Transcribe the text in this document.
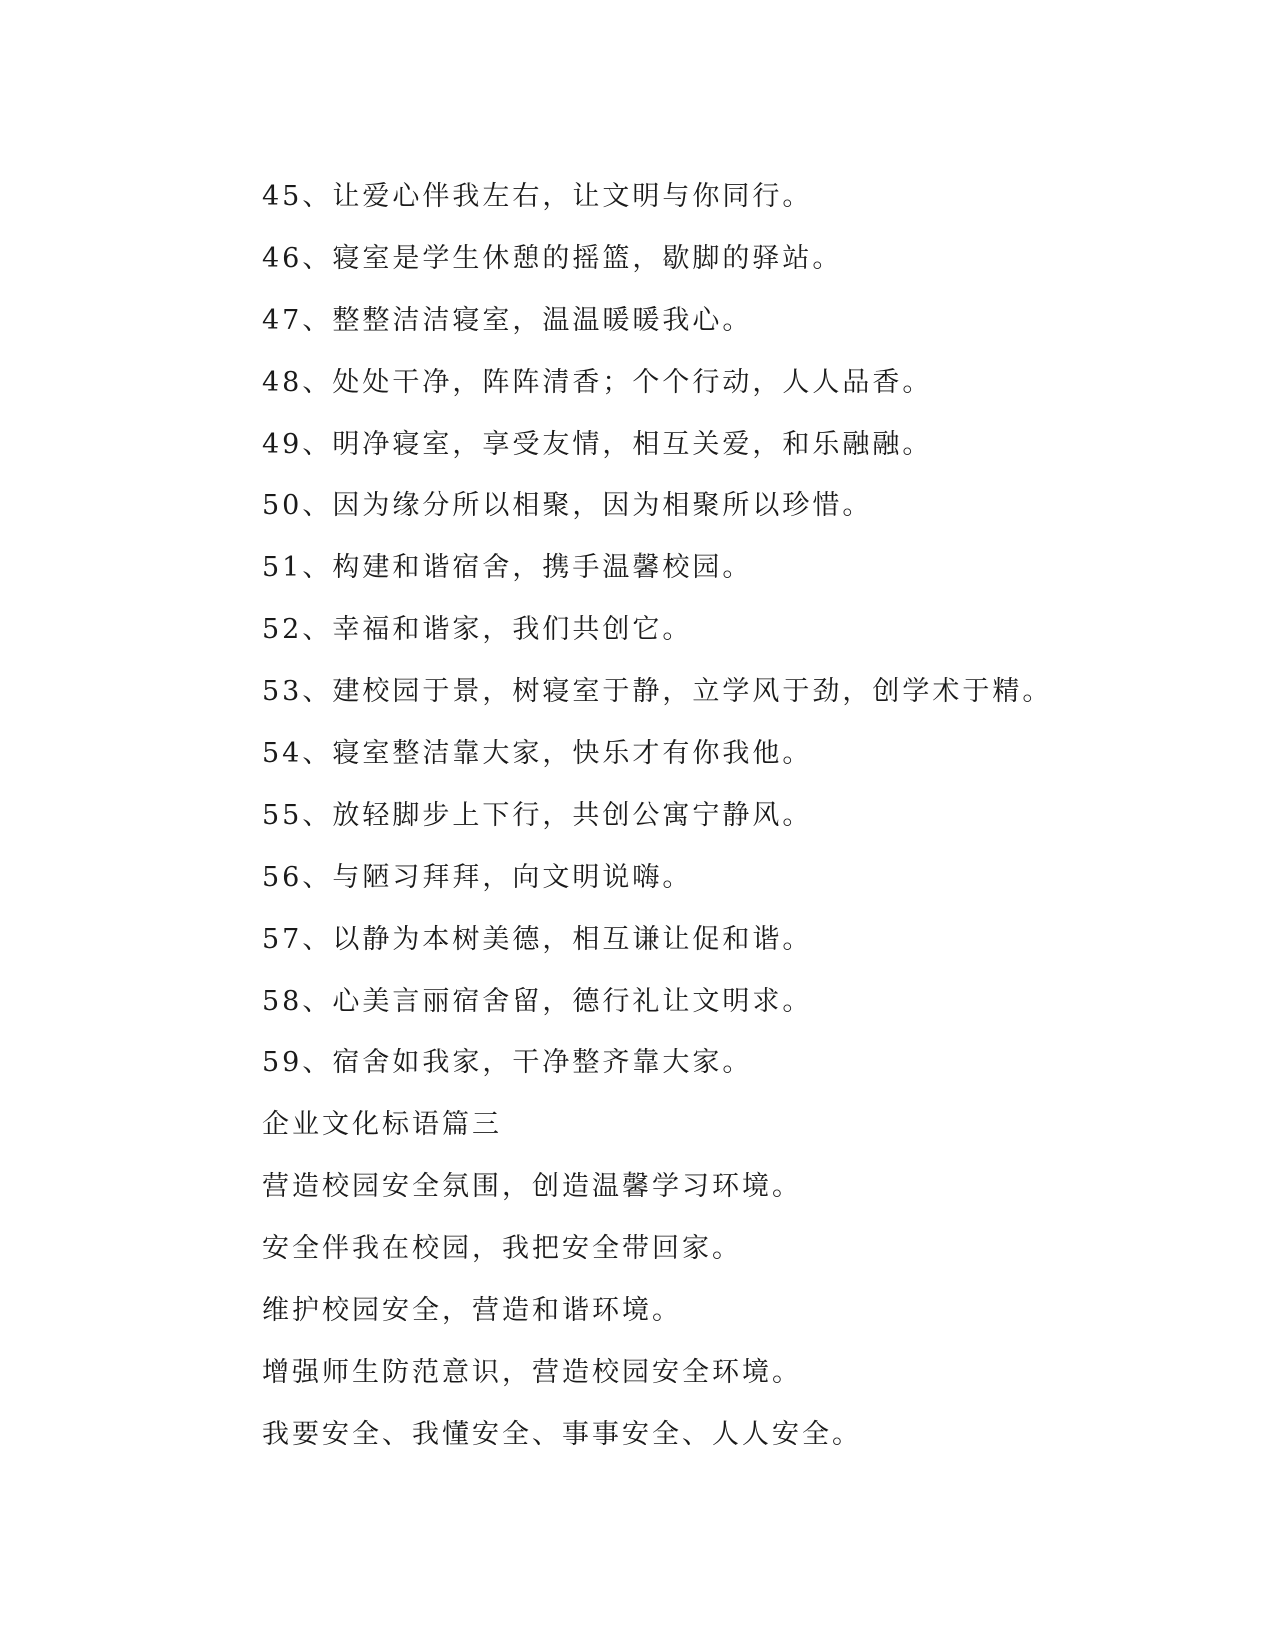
45、让爱心伴我左右，让文明与你同行。
46、寝室是学生休憩的摇篮，歇脚的驿站。
47、整整洁洁寝室，温温暖暖我心。
48、处处干净，阵阵清香；个个行动，人人品香。
49、明净寝室，享受友情，相互关爱，和乐融融。
50、因为缘分所以相聚，因为相聚所以珍惜。
51、构建和谐宿舍，携手温馨校园。
52、幸福和谐家，我们共创它。
53、建校园于景，树寝室于静，立学风于劲，创学术于精。
54、寝室整洁靠大家，快乐才有你我他。
55、放轻脚步上下行，共创公寓宁静风。
56、与陋习拜拜，向文明说嗨。
57、以静为本树美德，相互谦让促和谐。
58、心美言丽宿舍留，德行礼让文明求。
59、宿舍如我家，干净整齐靠大家。
企业文化标语篇三
营造校园安全氛围，创造温馨学习环境。
安全伴我在校园，我把安全带回家。
维护校园安全，营造和谐环境。
增强师生防范意识，营造校园安全环境。
我要安全、我懂安全、事事安全、人人安全。
